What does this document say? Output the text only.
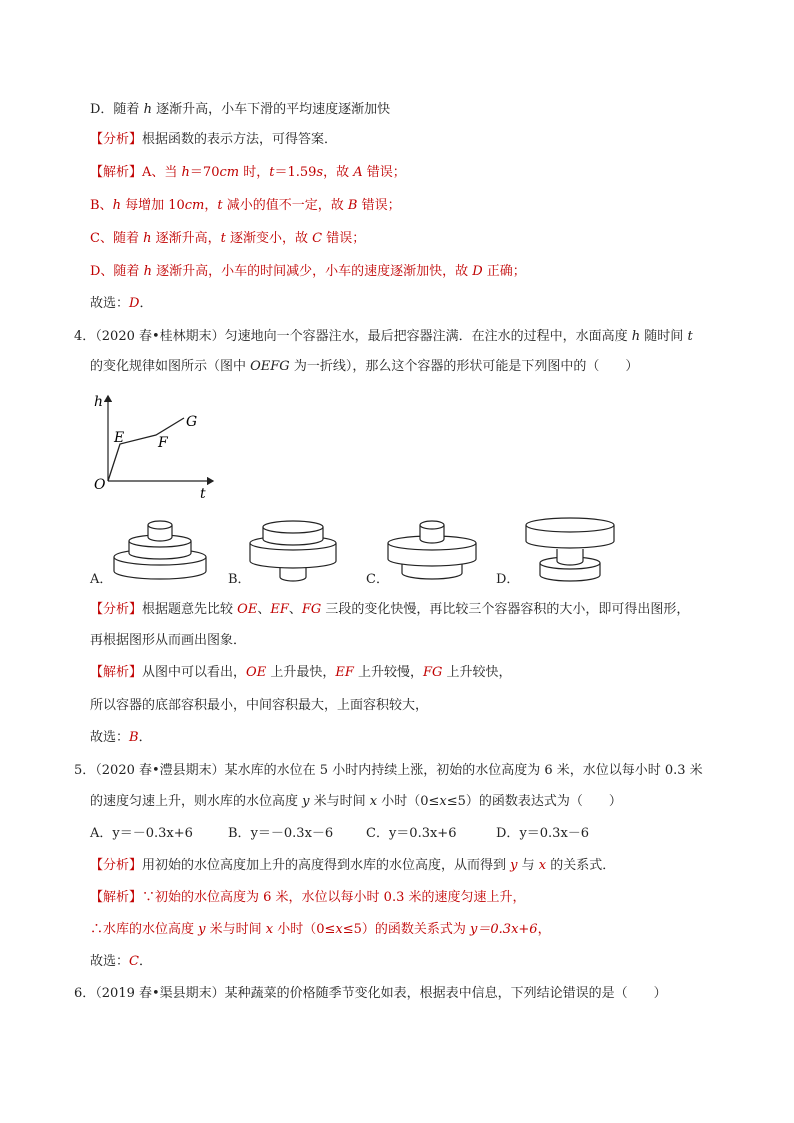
D．随着 h 逐渐升高，小车下滑的平均速度逐渐加快
【分析】根据函数的表示方法，可得答案．
【解析】A、当 h＝70cm 时，t＝1.59s，故 A 错误；
B、h 每增加 10cm，t 减小的值不一定，故 B 错误；
C、随着 h 逐渐升高，t 逐渐变小，故 C 错误；
D、随着 h 逐渐升高，小车的时间减少，小车的速度逐渐加快，故 D 正确；
故选：D．
4．（2020 春•桂林期末）匀速地向一个容器注水，最后把容器注满．在注水的过程中，水面高度 h 随时间 t
的变化规律如图所示（图中 OEFG 为一折线），那么这个容器的形状可能是下列图中的（　　）
h
t
O
E F
G
A．	B．	C．	D．
【分析】根据题意先比较 OE、EF、FG 三段的变化快慢，再比较三个容器容积的大小，即可得出图形，
再根据图形从而画出图象．
【解析】从图中可以看出，OE 上升最快，EF 上升较慢，FG 上升较快，
所以容器的底部容积最小，中间容积最大，上面容积较大，
故选：B．
5．（2020 春•澧县期末）某水库的水位在 5 小时内持续上涨，初始的水位高度为 6 米，水位以每小时 0.3 米
的速度匀速上升，则水库的水位高度 y 米与时间 x 小时（0≤x≤5）的函数表达式为（　　）
A．y＝－0.3x+6	B．y＝－0.3x－6	C．y＝0.3x+6	D．y＝0.3x－6
【分析】用初始的水位高度加上升的高度得到水库的水位高度，从而得到 y 与 x 的关系式．
【解析】∵初始的水位高度为 6 米，水位以每小时 0.3 米的速度匀速上升，
∴水库的水位高度 y 米与时间 x 小时（0≤x≤5）的函数关系式为 y＝0.3x+6，
故选：C．
6．（2019 春•渠县期末）某种蔬菜的价格随季节变化如表，根据表中信息，下列结论错误的是（　　）
